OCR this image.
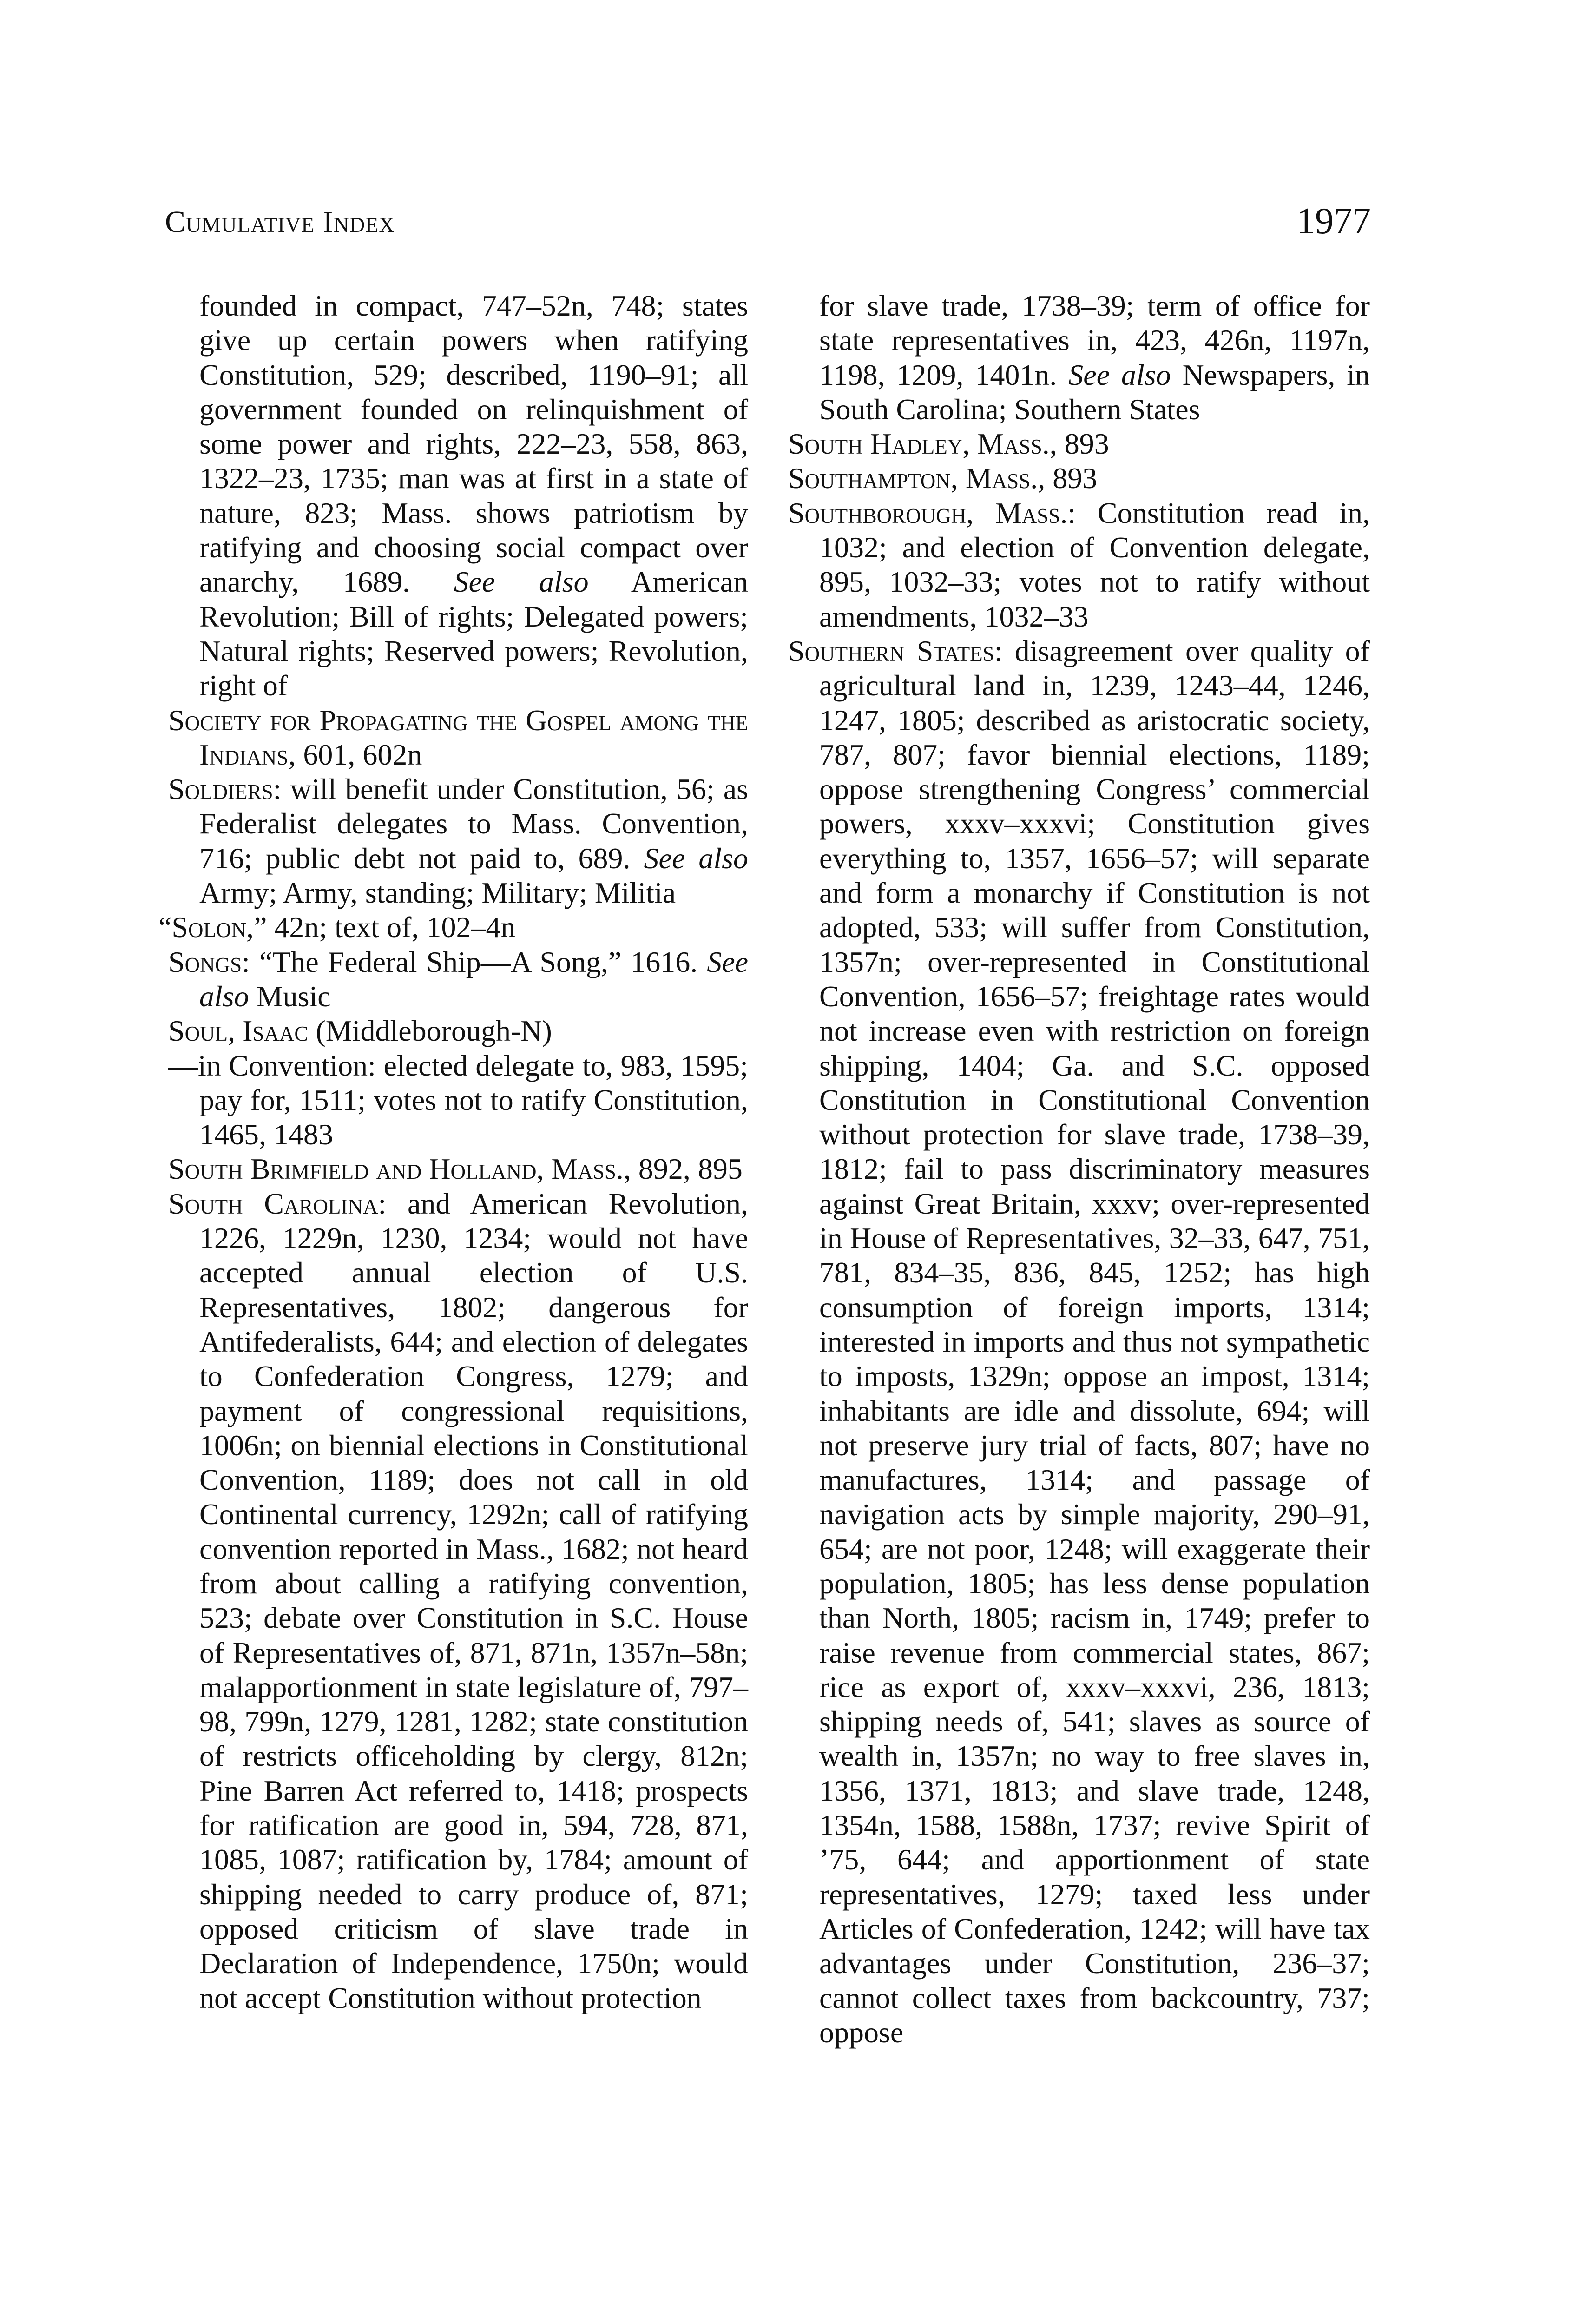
Cumulative Index	1977

founded in compact, 747–52n, 748; states give up certain powers when ratifying Constitution, 529; described, 1190–91; all government founded on relinquishment of some power and rights, 222–23, 558, 863, 1322–23, 1735; man was at first in a state of nature, 823; Mass. shows patriotism by ratifying and choosing social compact over anarchy, 1689. See also American Revolution; Bill of rights; Delegated powers; Natural rights; Reserved powers; Revolution, right of

Society for Propagating the Gospel among the Indians, 601, 602n

Soldiers: will benefit under Constitution, 56; as Federalist delegates to Mass. Convention, 716; public debt not paid to, 689. See also Army; Army, standing; Military; Militia

“Solon,” 42n; text of, 102–4n

Songs: “The Federal Ship—A Song,” 1616. See also Music

Soul, Isaac (Middleborough-N)

—in Convention: elected delegate to, 983, 1595; pay for, 1511; votes not to ratify Constitution, 1465, 1483

South Brimfield and Holland, Mass., 892, 895

South Carolina: and American Revolution, 1226, 1229n, 1230, 1234; would not have accepted annual election of U.S. Representatives, 1802; dangerous for Antifederalists, 644; and election of delegates to Confederation Congress, 1279; and payment of congressional requisitions, 1006n; on biennial elections in Constitutional Convention, 1189; does not call in old Continental currency, 1292n; call of ratifying convention reported in Mass., 1682; not heard from about calling a ratifying convention, 523; debate over Constitution in S.C. House of Representatives of, 871, 871n, 1357n–58n; malapportionment in state legislature of, 797–98, 799n, 1279, 1281, 1282; state constitution of restricts officeholding by clergy, 812n; Pine Barren Act referred to, 1418; prospects for ratification are good in, 594, 728, 871, 1085, 1087; ratification by, 1784; amount of shipping needed to carry produce of, 871; opposed criticism of slave trade in Declaration of Independence, 1750n; would not accept Constitution without protection

for slave trade, 1738–39; term of office for state representatives in, 423, 426n, 1197n, 1198, 1209, 1401n. See also Newspapers, in South Carolina; Southern States

South Hadley, Mass., 893

Southampton, Mass., 893

Southborough, Mass.: Constitution read in, 1032; and election of Convention delegate, 895, 1032–33; votes not to ratify without amendments, 1032–33

Southern States: disagreement over quality of agricultural land in, 1239, 1243–44, 1246, 1247, 1805; described as aristocratic society, 787, 807; favor biennial elections, 1189; oppose strengthening Congress’ commercial powers, xxxv–xxxvi; Constitution gives everything to, 1357, 1656–57; will separate and form a monarchy if Constitution is not adopted, 533; will suffer from Constitution, 1357n; over-represented in Constitutional Convention, 1656–57; freightage rates would not increase even with restriction on foreign shipping, 1404; Ga. and S.C. opposed Constitution in Constitutional Convention without protection for slave trade, 1738–39, 1812; fail to pass discriminatory measures against Great Britain, xxxv; over-represented in House of Representatives, 32–33, 647, 751, 781, 834–35, 836, 845, 1252; has high consumption of foreign imports, 1314; interested in imports and thus not sympathetic to imposts, 1329n; oppose an impost, 1314; inhabitants are idle and dissolute, 694; will not preserve jury trial of facts, 807; have no manufactures, 1314; and passage of navigation acts by simple majority, 290–91, 654; are not poor, 1248; will exaggerate their population, 1805; has less dense population than North, 1805; racism in, 1749; prefer to raise revenue from commercial states, 867; rice as export of, xxxv–xxxvi, 236, 1813; shipping needs of, 541; slaves as source of wealth in, 1357n; no way to free slaves in, 1356, 1371, 1813; and slave trade, 1248, 1354n, 1588, 1588n, 1737; revive Spirit of ’75, 644; and apportionment of state representatives, 1279; taxed less under Articles of Confederation, 1242; will have tax advantages under Constitution, 236–37; cannot collect taxes from backcountry, 737; oppose
